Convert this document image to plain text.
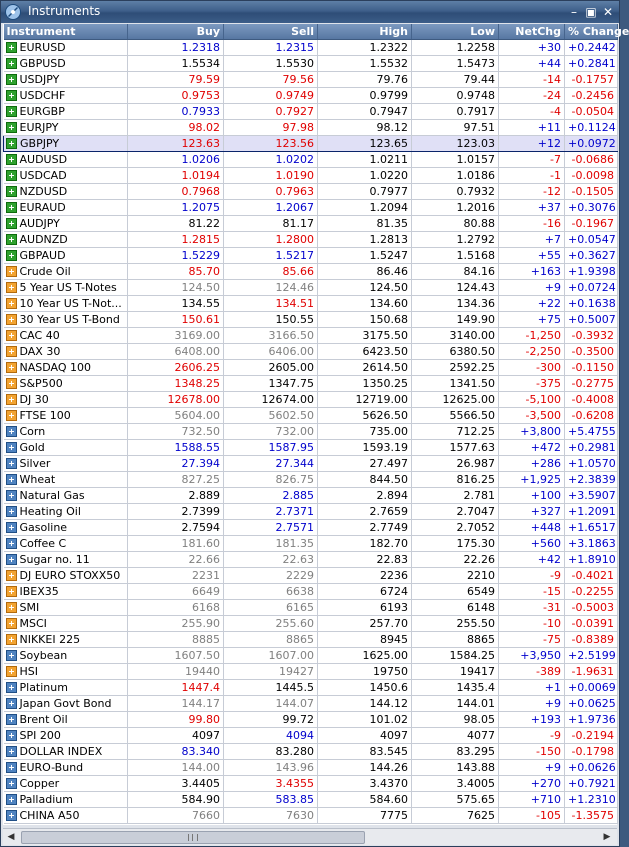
Instruments	– ▣ ✕
Instrument	Buy	Sell	High	Low	NetChg	% Change
EURUSD	1.2318	1.2315	1.2322	1.2258	+30	+0.2442
GBPUSD	1.5534	1.5530	1.5532	1.5473	+44	+0.2841
USDJPY	79.59	79.56	79.76	79.44	-14	-0.1757
USDCHF	0.9753	0.9749	0.9799	0.9748	-24	-0.2456
EURGBP	0.7933	0.7927	0.7947	0.7917	-4	-0.0504
EURJPY	98.02	97.98	98.12	97.51	+11	+0.1124
GBPJPY	123.63	123.56	123.65	123.03	+12	+0.0972
AUDUSD	1.0206	1.0202	1.0211	1.0157	-7	-0.0686
USDCAD	1.0194	1.0190	1.0220	1.0186	-1	-0.0098
NZDUSD	0.7968	0.7963	0.7977	0.7932	-12	-0.1505
EURAUD	1.2075	1.2067	1.2094	1.2016	+37	+0.3076
AUDJPY	81.22	81.17	81.35	80.88	-16	-0.1967
AUDNZD	1.2815	1.2800	1.2813	1.2792	+7	+0.0547
GBPAUD	1.5229	1.5217	1.5247	1.5168	+55	+0.3627
Crude Oil	85.70	85.66	86.46	84.16	+163	+1.9398
5 Year US T-Notes	124.50	124.46	124.50	124.43	+9	+0.0724
10 Year US T-Not...	134.55	134.51	134.60	134.36	+22	+0.1638
30 Year US T-Bond	150.61	150.55	150.68	149.90	+75	+0.5007
CAC 40	3169.00	3166.50	3175.50	3140.00	-1,250	-0.3932
DAX 30	6408.00	6406.00	6423.50	6380.50	-2,250	-0.3500
NASDAQ 100	2606.25	2605.00	2614.50	2592.25	-300	-0.1150
S&P500	1348.25	1347.75	1350.25	1341.50	-375	-0.2775
DJ 30	12678.00	12674.00	12719.00	12625.00	-5,100	-0.4008
FTSE 100	5604.00	5602.50	5626.50	5566.50	-3,500	-0.6208
Corn	732.50	732.00	735.00	712.25	+3,800	+5.4755
Gold	1588.55	1587.95	1593.19	1577.63	+472	+0.2981
Silver	27.394	27.344	27.497	26.987	+286	+1.0570
Wheat	827.25	826.75	844.50	816.25	+1,925	+2.3839
Natural Gas	2.889	2.885	2.894	2.781	+100	+3.5907
Heating Oil	2.7399	2.7371	2.7659	2.7047	+327	+1.2091
Gasoline	2.7594	2.7571	2.7749	2.7052	+448	+1.6517
Coffee C	181.60	181.35	182.70	175.30	+560	+3.1863
Sugar no. 11	22.66	22.63	22.83	22.26	+42	+1.8910
DJ EURO STOXX50	2231	2229	2236	2210	-9	-0.4021
IBEX35	6649	6638	6724	6549	-15	-0.2255
SMI	6168	6165	6193	6148	-31	-0.5003
MSCI	255.90	255.60	257.70	255.50	-10	-0.0391
NIKKEI 225	8885	8865	8945	8865	-75	-0.8389
Soybean	1607.50	1607.00	1625.00	1584.25	+3,950	+2.5199
HSI	19440	19427	19750	19417	-389	-1.9631
Platinum	1447.4	1445.5	1450.6	1435.4	+1	+0.0069
Japan Govt Bond	144.17	144.07	144.12	144.01	+9	+0.0625
Brent Oil	99.80	99.72	101.02	98.05	+193	+1.9736
SPI 200	4097	4094	4097	4077	-9	-0.2194
DOLLAR INDEX	83.340	83.280	83.545	83.295	-150	-0.1798
EURO-Bund	144.00	143.96	144.26	143.88	+9	+0.0626
Copper	3.4405	3.4355	3.4370	3.4005	+270	+0.7921
Palladium	584.90	583.85	584.60	575.65	+710	+1.2310
CHINA A50	7660	7630	7775	7625	-105	-1.3575
◀	▶
